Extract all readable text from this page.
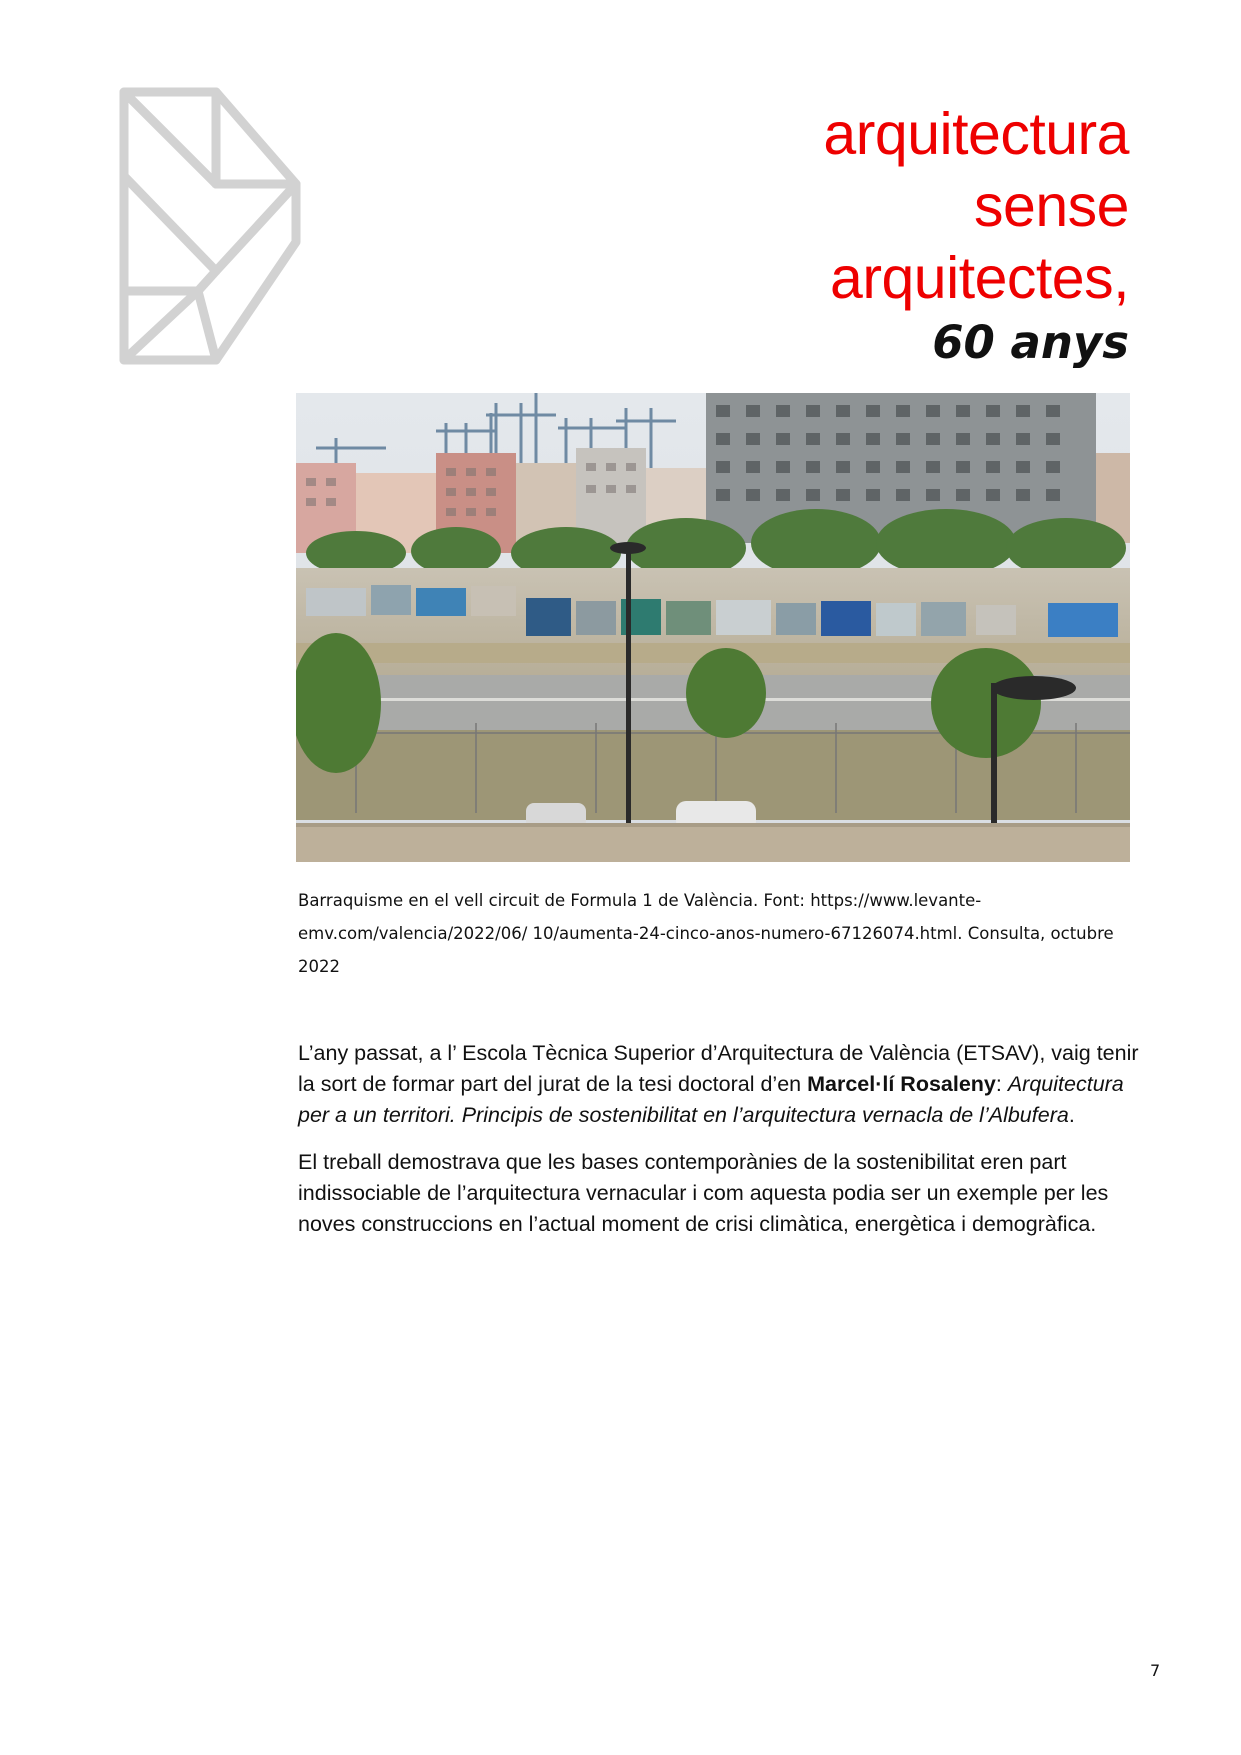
arquitectura
sense
arquitectes,
60 anys
Barraquisme en el vell circuit de Formula 1 de València. Font: https://www.levante-
emv.com/valencia/2022/06/ 10/aumenta-24-cinco-anos-numero-67126074.html. Consulta, octubre
2022

L’any passat, a l’ Escola Tècnica Superior d’Arquitectura de València (ETSAV), vaig tenir la sort de formar part del jurat de la tesi doctoral d’en Marcel·lí Rosaleny: Arquitectura per a un territori. Principis de sostenibilitat en l’arquitectura vernacla de l’Albufera.

El treball demostrava que les bases contemporànies de la sostenibilitat eren part indissociable de l’arquitectura vernacular i com aquesta podia ser un exemple per les noves construccions en l’actual moment de crisi climàtica, energètica i demogràfica.

7
